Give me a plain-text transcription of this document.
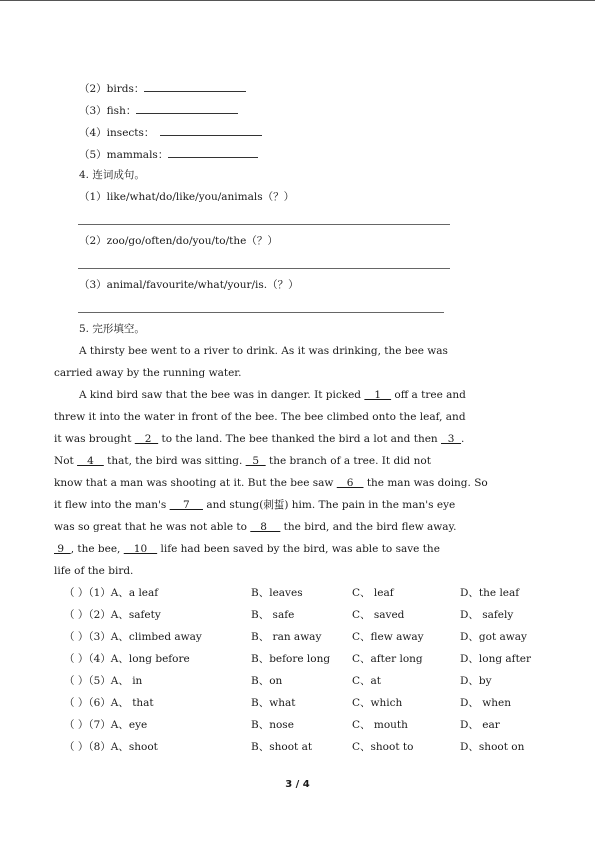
（2）birds：
（3）fish：
（4）insects：
（5）mammals：
4. 连词成句。
（1）like/what/do/like/you/animals（？）
（2）zoo/go/often/do/you/to/the（？）
（3）animal/favourite/what/your/is.（？）
5. 完形填空。
A thirsty bee went to a river to drink. As it was drinking, the bee was
carried away by the running water.
A kind bird saw that the bee was in danger. It picked    1    off a tree and
threw it into the water in front of the bee. The bee climbed onto the leaf, and
it was brought    2   to the land. The bee thanked the bird a lot and then   3  .
Not    4    that, the bird was sitting.   5   the branch of a tree. It did not
know that a man was shooting at it. But the bee saw    6    the man was doing. So
it flew into the man's     7     and stung(刺蜇) him. The pain in the man's eye
was so great that he was not able to    8     the bird, and the bird flew away.
9  , the bee,    10    life had been saved by the bird, was able to save the
life of the bird.
（ ）（1）A、a leaf	B、leaves	C、 leaf	D、the leaf
（ ）（2）A、safety	B、 safe	C、 saved	D、 safely
（ ）（3）A、climbed away	B、 ran away	C、flew away	D、got away
（ ）（4）A、long before	B、before long C、after long	D、long after
（ ）（5）A、 in	B、on	C、at	D、by
（ ）（6）A、 that	B、what	C、which	D、 when
（ ）（7）A、eye	B、nose	C、 mouth	D、 ear
（ ）（8）A、shoot	B、shoot at	C、shoot to	D、shoot on
3 / 4
